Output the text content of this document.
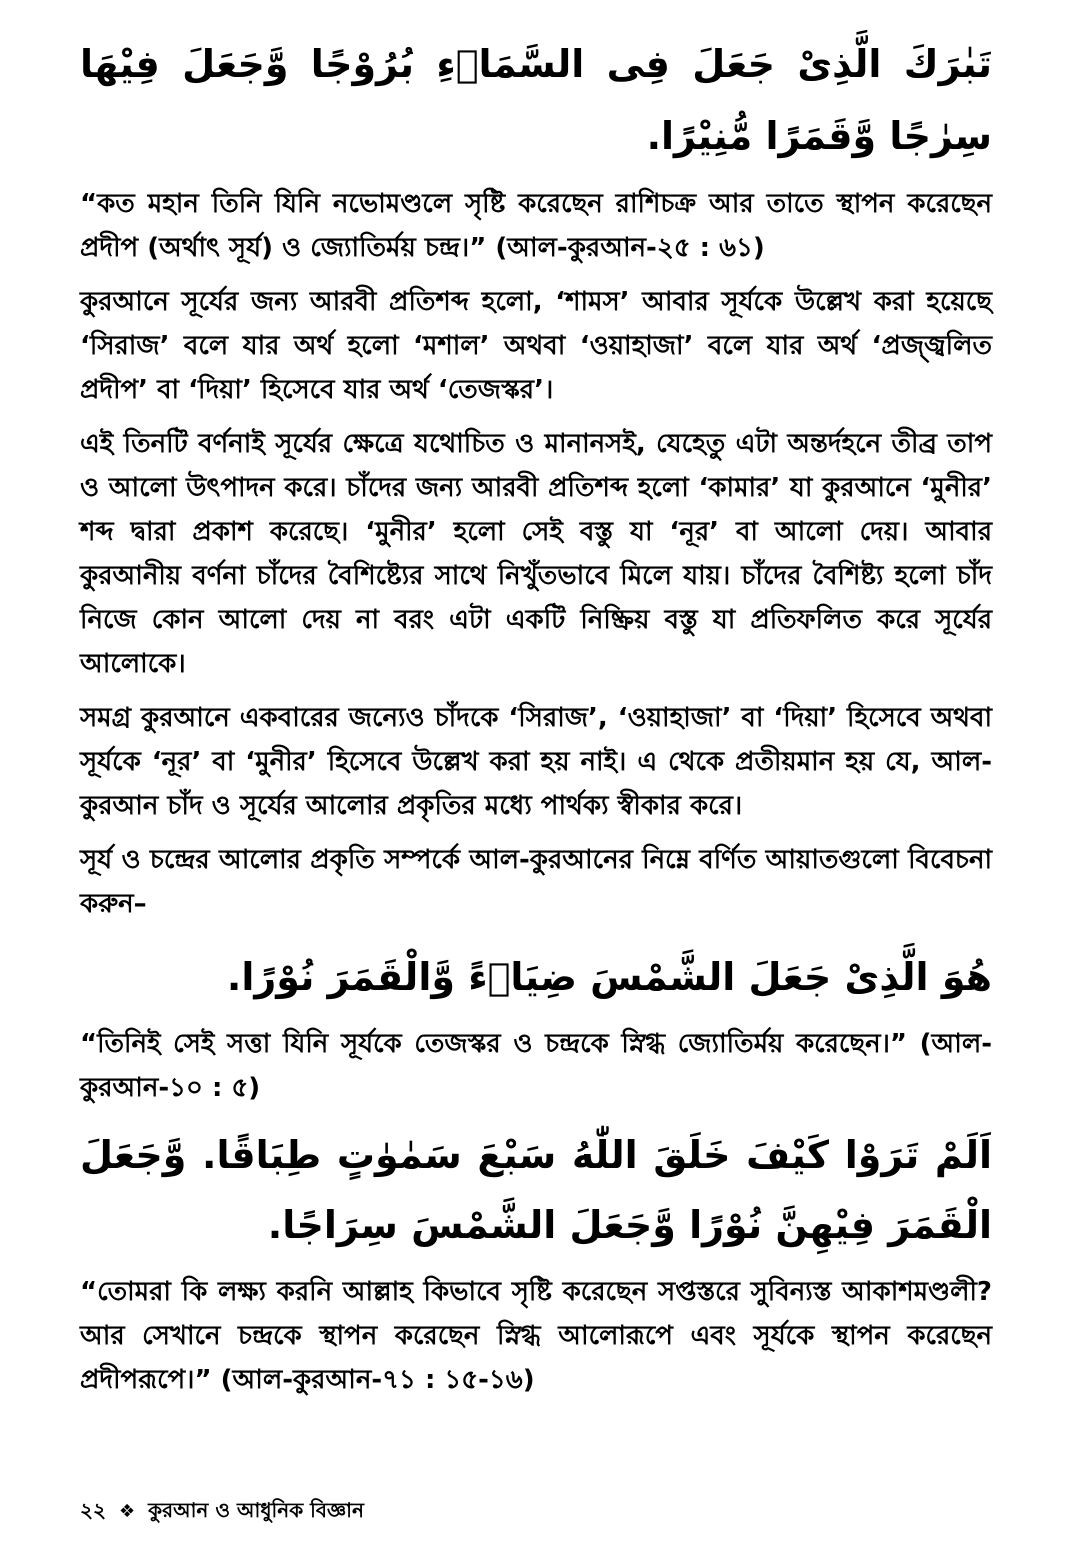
تَبٰرَكَ الَّذِىْ جَعَلَ فِى السَّمَاۤءِ بُرُوْجًا وَّجَعَلَ فِيْهَا سِرٰجًا وَّقَمَرًا مُّنِيْرًا.

“কত মহান তিনি যিনি নভোমণ্ডলে সৃষ্টি করেছেন রাশিচক্র আর তাতে স্থাপন করেছেন প্রদীপ (অর্থাৎ সূর্য) ও জ্যোতির্ময় চন্দ্র।” (আল-কুরআন-২৫ : ৬১)

কুরআনে সূর্যের জন্য আরবী প্রতিশব্দ হলো, ‘শামস’ আবার সূর্যকে উল্লেখ করা হয়েছে ‘সিরাজ’ বলে যার অর্থ হলো ‘মশাল’ অথবা ‘ওয়াহাজা’ বলে যার অর্থ ‘প্রজ্জ্বলিত প্রদীপ’ বা ‘দিয়া’ হিসেবে যার অর্থ ‘তেজস্কর’।

এই তিনটি বর্ণনাই সূর্যের ক্ষেত্রে যথোচিত ও মানানসই, যেহেতু এটা অন্তর্দহনে তীব্র তাপ ও আলো উৎপাদন করে। চাঁদের জন্য আরবী প্রতিশব্দ হলো ‘কামার’ যা কুরআনে ‘মুনীর’ শব্দ দ্বারা প্রকাশ করেছে। ‘মুনীর’ হলো সেই বস্তু যা ‘নূর’ বা আলো দেয়। আবার কুরআনীয় বর্ণনা চাঁদের বৈশিষ্ট্যের সাথে নিখুঁতভাবে মিলে যায়। চাঁদের বৈশিষ্ট্য হলো চাঁদ নিজে কোন আলো দেয় না বরং এটা একটি নিষ্ক্রিয় বস্তু যা প্রতিফলিত করে সূর্যের আলোকে।

সমগ্র কুরআনে একবারের জন্যেও চাঁদকে ‘সিরাজ’, ‘ওয়াহাজা’ বা ‘দিয়া’ হিসেবে অথবা সূর্যকে ‘নূর’ বা ‘মুনীর’ হিসেবে উল্লেখ করা হয় নাই। এ থেকে প্রতীয়মান হয় যে, আল-কুরআন চাঁদ ও সূর্যের আলোর প্রকৃতির মধ্যে পার্থক্য স্বীকার করে।

সূর্য ও চন্দ্রের আলোর প্রকৃতি সম্পর্কে আল-কুরআনের নিম্নে বর্ণিত আয়াতগুলো বিবেচনা করুন–

هُوَ الَّذِىْ جَعَلَ الشَّمْسَ ضِيَاۤءً وَّالْقَمَرَ نُوْرًا.

“তিনিই সেই সত্তা যিনি সূর্যকে তেজস্কর ও চন্দ্রকে স্নিগ্ধ জ্যোতির্ময় করেছেন।” (আল-কুরআন-১০ : ৫)

اَلَمْ تَرَوْا كَيْفَ خَلَقَ اللّٰهُ سَبْعَ سَمٰوٰتٍ طِبَاقًا. وَّجَعَلَ الْقَمَرَ فِيْهِنَّ نُوْرًا وَّجَعَلَ الشَّمْسَ سِرَاجًا.

“তোমরা কি লক্ষ্য করনি আল্লাহ কিভাবে সৃষ্টি করেছেন সপ্তস্তরে সুবিন্যস্ত আকাশমণ্ডলী? আর সেখানে চন্দ্রকে স্থাপন করেছেন স্নিগ্ধ আলোরূপে এবং সূর্যকে স্থাপন করেছেন প্রদীপরূপে।” (আল-কুরআন-৭১ : ১৫-১৬)

২২ ❖ কুরআন ও আধুনিক বিজ্ঞান
